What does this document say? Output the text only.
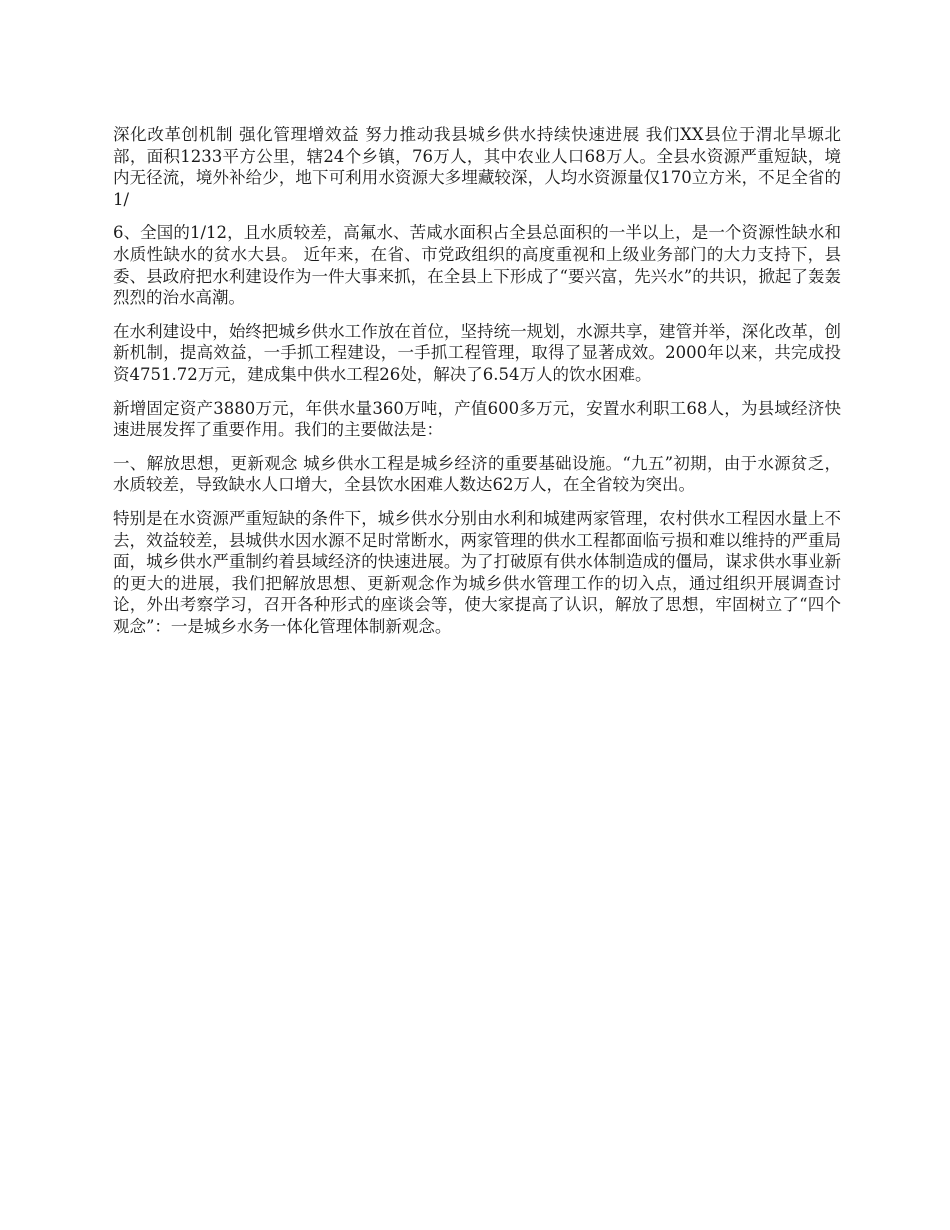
深化改革创机制 强化管理增效益 努力推动我县城乡供水持续快速进展 我们XX县位于渭北旱塬北部，面积1233平方公里，辖24个乡镇，76万人，其中农业人口68万人。全县水资源严重短缺，境内无径流，境外补给少，地下可利用水资源大多埋藏较深，人均水资源量仅170立方米，不足全省的1/

6、全国的1/12，且水质较差，高氟水、苦咸水面积占全县总面积的一半以上，是一个资源性缺水和水质性缺水的贫水大县。 近年来，在省、市党政组织的高度重视和上级业务部门的大力支持下，县委、县政府把水利建设作为一件大事来抓，在全县上下形成了“要兴富，先兴水”的共识，掀起了轰轰烈烈的治水高潮。

在水利建设中，始终把城乡供水工作放在首位，坚持统一规划，水源共享，建管并举，深化改革，创新机制，提高效益，一手抓工程建设，一手抓工程管理，取得了显著成效。2000年以来，共完成投资4751.72万元，建成集中供水工程26处，解决了6.54万人的饮水困难。

新增固定资产3880万元，年供水量360万吨，产值600多万元，安置水利职工68人，为县域经济快速进展发挥了重要作用。我们的主要做法是：

一、解放思想，更新观念 城乡供水工程是城乡经济的重要基础设施。“九五”初期，由于水源贫乏，水质较差，导致缺水人口增大，全县饮水困难人数达62万人，在全省较为突出。

特别是在水资源严重短缺的条件下，城乡供水分别由水利和城建两家管理，农村供水工程因水量上不去，效益较差，县城供水因水源不足时常断水，两家管理的供水工程都面临亏损和难以维持的严重局面，城乡供水严重制约着县域经济的快速进展。为了打破原有供水体制造成的僵局，谋求供水事业新的更大的进展，我们把解放思想、更新观念作为城乡供水管理工作的切入点，通过组织开展调查讨论，外出考察学习，召开各种形式的座谈会等，使大家提高了认识，解放了思想，牢固树立了“四个观念”：一是城乡水务一体化管理体制新观念。
